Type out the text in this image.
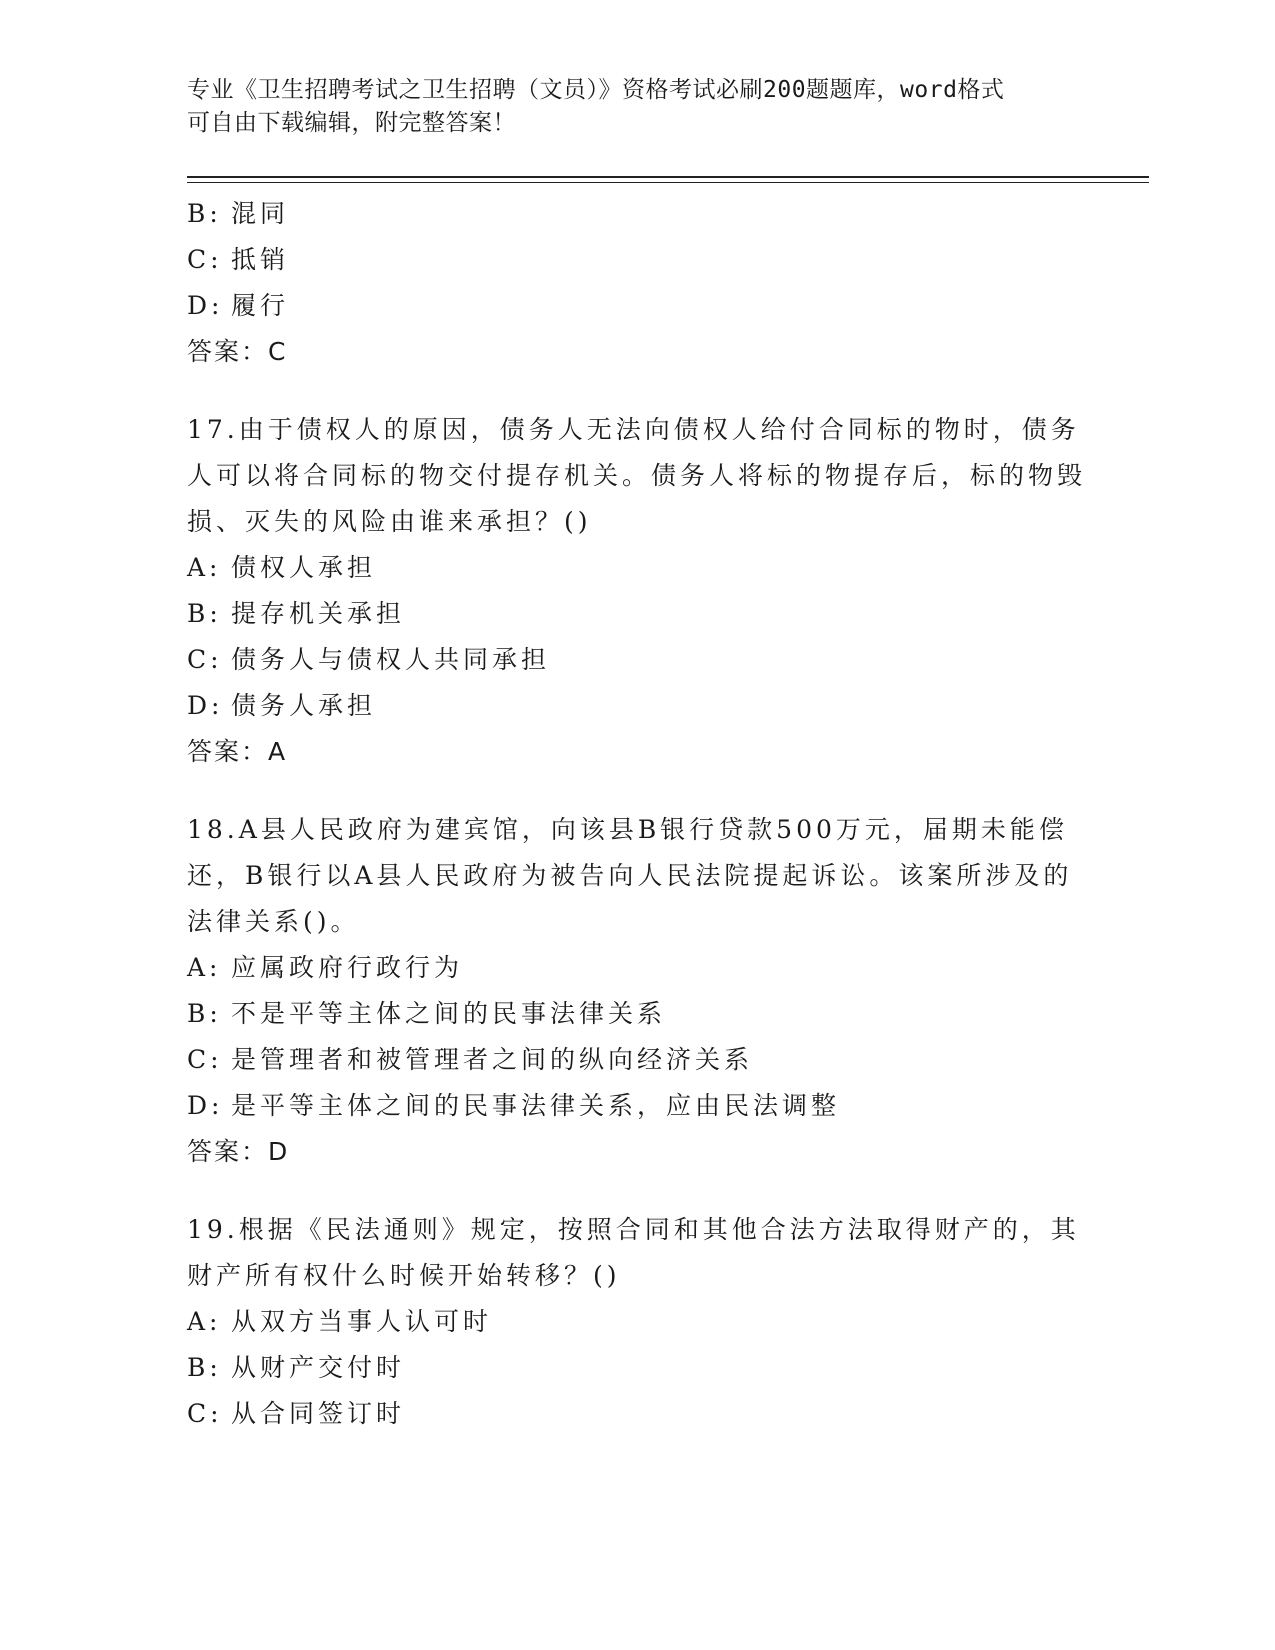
专业《卫生招聘考试之卫生招聘（文员）》资格考试必刷200题题库，word格式
可自由下载编辑，附完整答案！
B: 混同
C: 抵销
D: 履行
答案：C
17.由于债权人的原因，债务人无法向债权人给付合同标的物时，债务人可以将合同标的物交付提存机关。债务人将标的物提存后，标的物毁损、灭失的风险由谁来承担？()
A: 债权人承担
B: 提存机关承担
C: 债务人与债权人共同承担
D: 债务人承担
答案：A
18.A县人民政府为建宾馆，向该县B银行贷款500万元，届期未能偿还，B银行以A县人民政府为被告向人民法院提起诉讼。该案所涉及的法律关系()。
A: 应属政府行政行为
B: 不是平等主体之间的民事法律关系
C: 是管理者和被管理者之间的纵向经济关系
D: 是平等主体之间的民事法律关系，应由民法调整
答案：D
19.根据《民法通则》规定，按照合同和其他合法方法取得财产的，其财产所有权什么时候开始转移？()
A: 从双方当事人认可时
B: 从财产交付时
C: 从合同签订时
